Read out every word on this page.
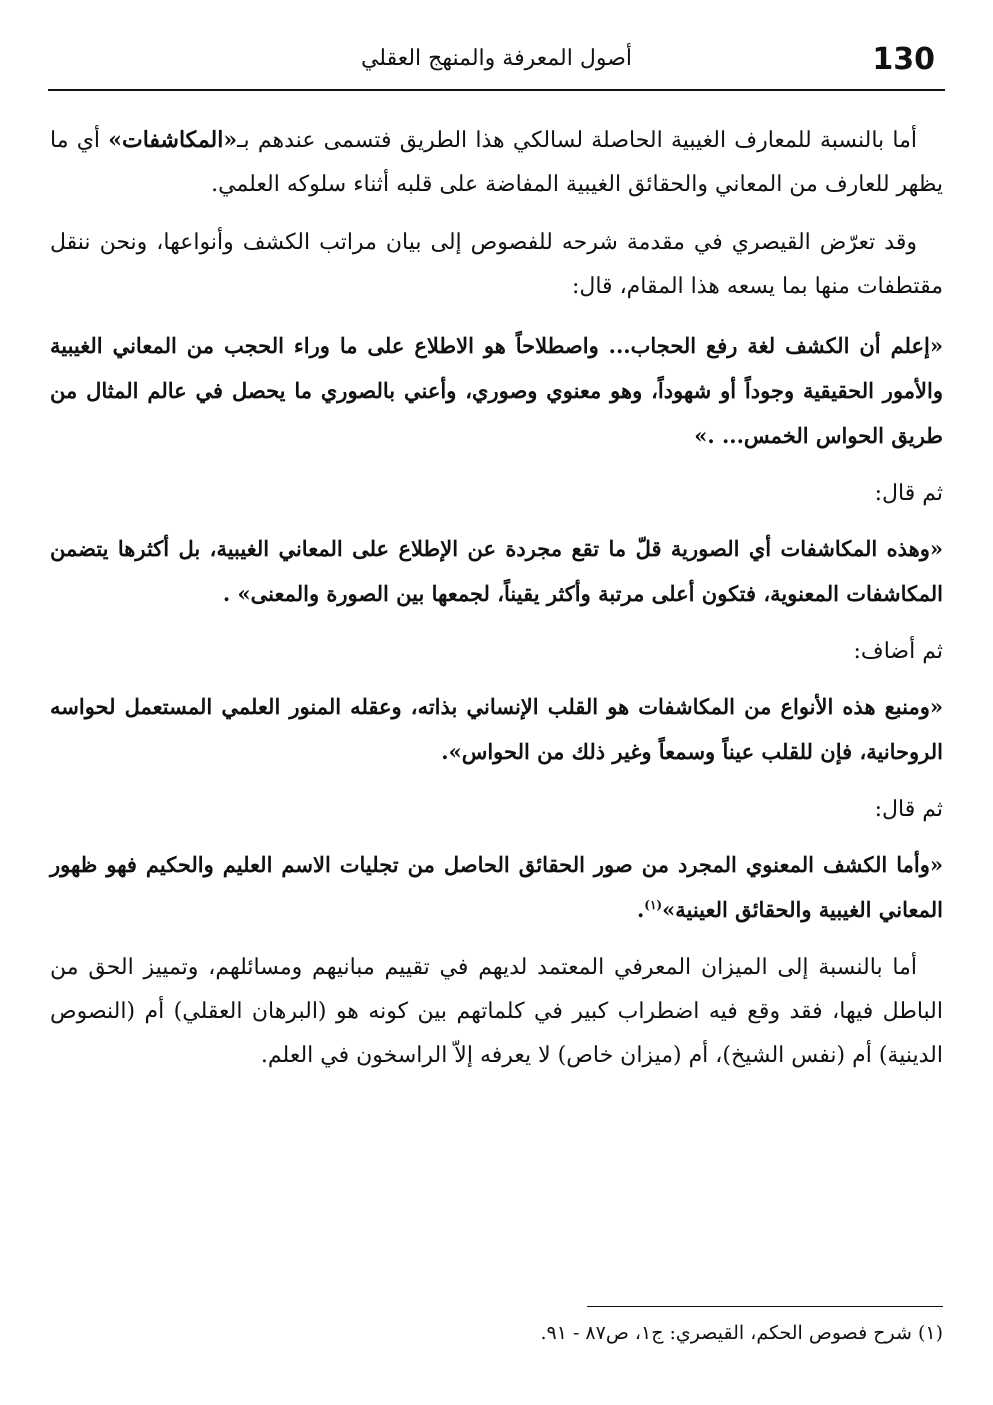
130
أصول المعرفة والمنهج العقلي

أما بالنسبة للمعارف الغيبية الحاصلة لسالكي هذا الطريق فتسمى عندهم بـ«المكاشفات» أي ما يظهر للعارف من المعاني والحقائق الغيبية المفاضة على قلبه أثناء سلوكه العلمي.

وقد تعرّض القيصري في مقدمة شرحه للفصوص إلى بيان مراتب الكشف وأنواعها، ونحن ننقل مقتطفات منها بما يسعه هذا المقام، قال:

«إعلم أن الكشف لغة رفع الحجاب... واصطلاحاً هو الاطلاع على ما وراء الحجب من المعاني الغيبية والأمور الحقيقية وجوداً أو شهوداً، وهو معنوي وصوري، وأعني بالصوري ما يحصل في عالم المثال من طريق الحواس الخمس... .»

ثم قال:

«وهذه المكاشفات أي الصورية قلّ ما تقع مجردة عن الإطلاع على المعاني الغيبية، بل أكثرها يتضمن المكاشفات المعنوية، فتكون أعلى مرتبة وأكثر يقيناً، لجمعها بين الصورة والمعنى» .

ثم أضاف:

«ومنبع هذه الأنواع من المكاشفات هو القلب الإنساني بذاته، وعقله المنور العلمي المستعمل لحواسه الروحانية، فإن للقلب عيناً وسمعاً وغير ذلك من الحواس».

ثم قال:

«وأما الكشف المعنوي المجرد من صور الحقائق الحاصل من تجليات الاسم العليم والحكيم فهو ظهور المعاني الغيبية والحقائق العينية»$^{(١)}$.

أما بالنسبة إلى الميزان المعرفي المعتمد لديهم في تقييم مبانيهم ومسائلهم، وتمييز الحق من الباطل فيها، فقد وقع فيه اضطراب كبير في كلماتهم بين كونه هو (البرهان العقلي) أم (النصوص الدينية) أم (نفس الشيخ)، أم (ميزان خاص) لا يعرفه إلاّ الراسخون في العلم.

(١) شرح فصوص الحكم، القيصري: ج١، ص٨٧ - ٩١.
